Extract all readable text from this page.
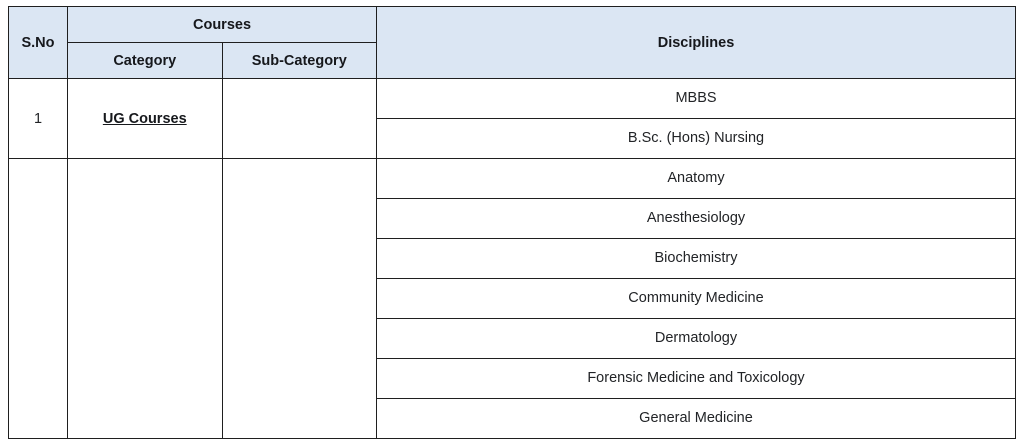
S.No	Courses		Disciplines
	Category	Sub-Category	
1	UG Courses		MBBS

			B.Sc. (Hons) Nursing

			Anatomy

			Anesthesiology

			Biochemistry

			Community Medicine

			Dermatology

			Forensic Medicine and Toxicology

			General Medicine
